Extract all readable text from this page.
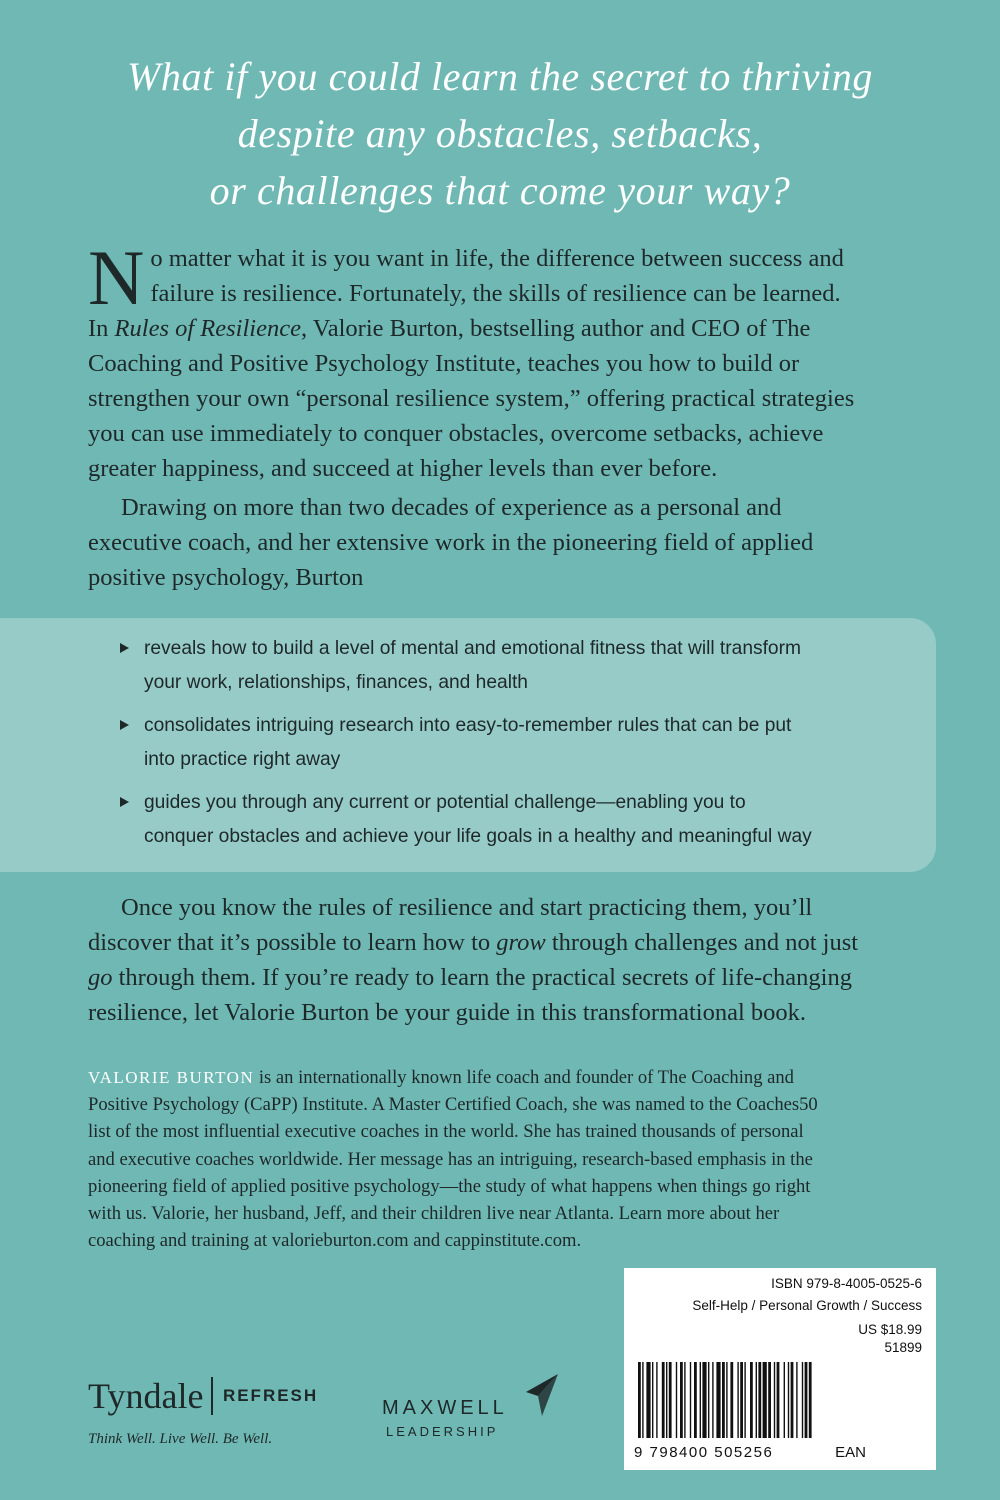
What if you could learn the secret to thriving
despite any obstacles, setbacks,
or challenges that come your way?
N o matter what it is you want in life, the difference between success and
failure is resilience. Fortunately, the skills of resilience can be learned.
In Rules of Resilience, Valorie Burton, bestselling author and CEO of The
Coaching and Positive Psychology Institute, teaches you how to build or
strengthen your own “personal resilience system,” offering practical strategies
you can use immediately to conquer obstacles, overcome setbacks, achieve
greater happiness, and succeed at higher levels than ever before.
Drawing on more than two decades of experience as a personal and
executive coach, and her extensive work in the pioneering field of applied
positive psychology, Burton
reveals how to build a level of mental and emotional fitness that will transform
your work, relationships, finances, and health
consolidates intriguing research into easy-to-remember rules that can be put
into practice right away
guides you through any current or potential challenge—enabling you to
conquer obstacles and achieve your life goals in a healthy and meaningful way
Once you know the rules of resilience and start practicing them, you’ll
discover that it’s possible to learn how to grow through challenges and not just
go through them. If you’re ready to learn the practical secrets of life-changing
resilience, let Valorie Burton be your guide in this transformational book.
VALORIE BURTON is an internationally known life coach and founder of The Coaching and
Positive Psychology (CaPP) Institute. A Master Certified Coach, she was named to the Coaches50
list of the most influential executive coaches in the world. She has trained thousands of personal
and executive coaches worldwide. Her message has an intriguing, research-based emphasis in the
pioneering field of applied positive psychology—the study of what happens when things go right
with us. Valorie, her husband, Jeff, and their children live near Atlanta. Learn more about her
coaching and training at valorieburton.com and cappinstitute.com.
ISBN 979-8-4005-0525-6
Self-Help / Personal Growth / Success
US $18.99
51899
9 798400 505256	EAN
Tyndale REFRESH
Think Well. Live Well. Be Well.
MAXWELL
LEADERSHIP
